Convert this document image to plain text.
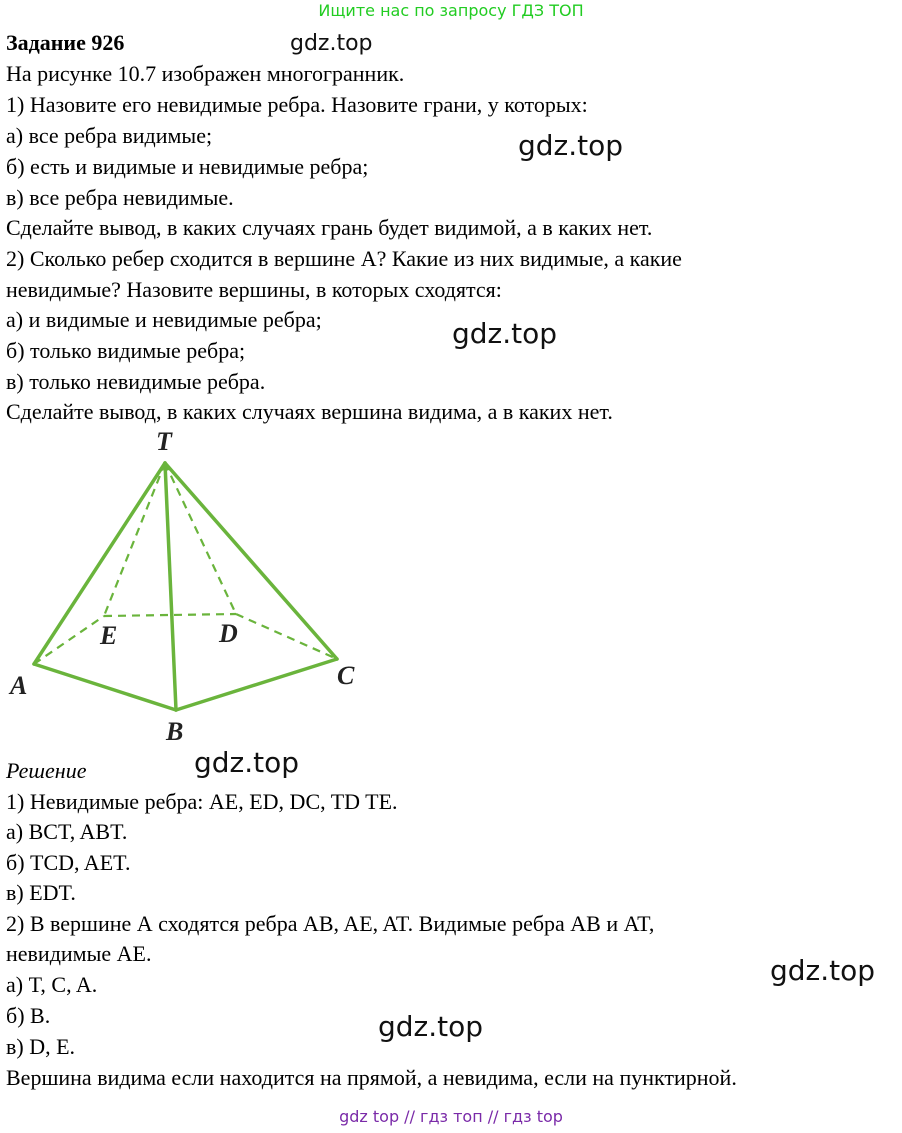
Ищите нас по запросу ГДЗ ТОП
Задание 926	gdz.top
На рисунке 10.7 изображен многогранник.
1) Назовите его невидимые ребра. Назовите грани, у которых:
а) все ребра видимые;	gdz.top
б) есть и видимые и невидимые ребра;
в) все ребра невидимые.
Сделайте вывод, в каких случаях грань будет видимой, а в каких нет.
2) Сколько ребер сходится в вершине А? Какие из них видимые, а какие
невидимые? Назовите вершины, в которых сходятся:
а) и видимые и невидимые ребра;	gdz.top
б) только видимые ребра;
в) только невидимые ребра.
Сделайте вывод, в каких случаях вершина видима, а в каких нет.
T
E	D
A
B
C
Решение	gdz.top
1) Невидимые ребра: AE, ED, DC, TD TE.
а) BCT, ABT.
б) TCD, AET.
в) EDT.
2) В вершине А сходятся ребра AB, AE, AT. Видимые ребра AB и AT,
невидимые AE.
gdz.top
а) T, C, A.
б) B.	gdz.top
в) D, E.
Вершина видима если находится на прямой, а невидима, если на пунктирной.
gdz top // гдз топ // гдз top
